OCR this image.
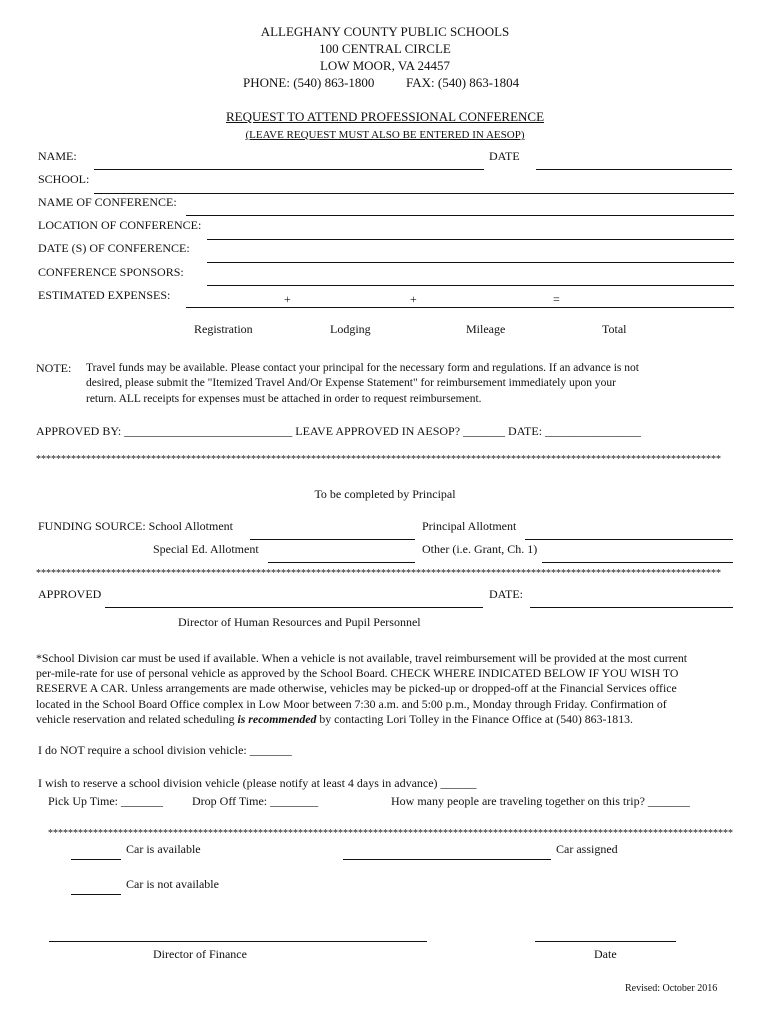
ALLEGHANY COUNTY PUBLIC SCHOOLS
100 CENTRAL CIRCLE
LOW MOOR, VA 24457
PHONE: (540) 863-1800 FAX: (540) 863-1804
REQUEST TO ATTEND PROFESSIONAL CONFERENCE
(LEAVE REQUEST MUST ALSO BE ENTERED IN AESOP)
NAME:	DATE
SCHOOL:
NAME OF CONFERENCE:
LOCATION OF CONFERENCE:
DATE (S) OF CONFERENCE:
CONFERENCE SPONSORS:
ESTIMATED EXPENSES:	+	+	=
Registration	Lodging	Mileage	Total
NOTE: Travel funds may be available. Please contact your principal for the necessary form and regulations. If an advance is not
desired, please submit the "Itemized Travel And/Or Expense Statement" for reimbursement immediately upon your
return. ALL receipts for expenses must be attached in order to request reimbursement.
APPROVED BY: ____________________________ LEAVE APPROVED IN AESOP? _______ DATE: ________________
*****************************************************************************************************************************************
To be completed by Principal
FUNDING SOURCE: School Allotment	Principal Allotment
Special Ed. Allotment	Other (i.e. Grant, Ch. 1)
*****************************************************************************************************************************************
APPROVED	DATE:
Director of Human Resources and Pupil Personnel
*School Division car must be used if available. When a vehicle is not available, travel reimbursement will be provided at the most current
per-mile-rate for use of personal vehicle as approved by the School Board. CHECK WHERE INDICATED BELOW IF YOU WISH TO
RESERVE A CAR. Unless arrangements are made otherwise, vehicles may be picked-up or dropped-off at the Financial Services office
located in the School Board Office complex in Low Moor between 7:30 a.m. and 5:00 p.m., Monday through Friday. Confirmation of
vehicle reservation and related scheduling is recommended by contacting Lori Tolley in the Finance Office at (540) 863-1813.
I do NOT require a school division vehicle: _______
I wish to reserve a school division vehicle (please notify at least 4 days in advance) ______
Pick Up Time: _______ Drop Off Time: ________	How many people are traveling together on this trip? _______
*****************************************************************************************************************************************
Car is available	Car assigned
Car is not available
Director of Finance	Date
Revised: October 2016
